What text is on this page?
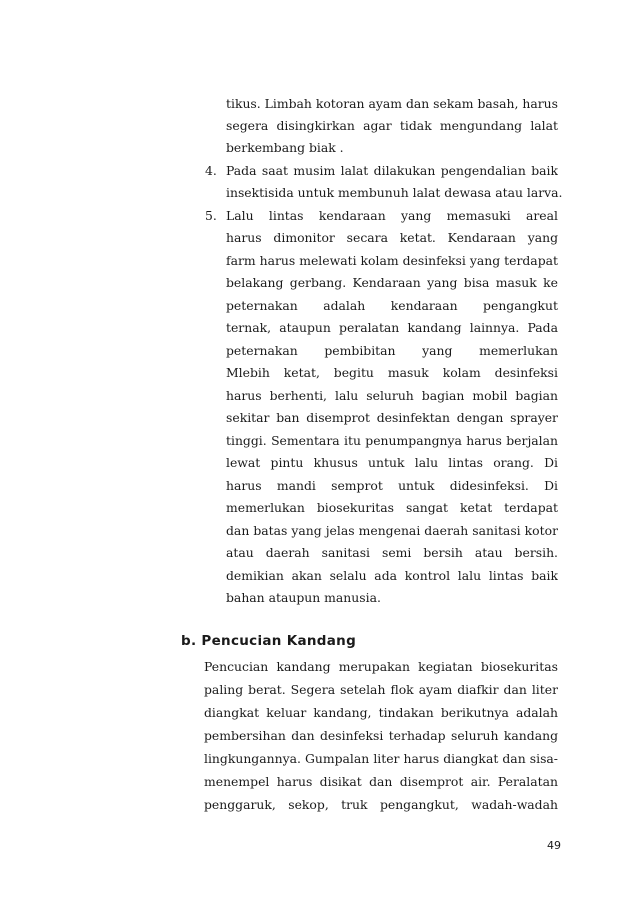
tikus. Limbah kotoran ayam dan sekam basah, harus
segera disingkirkan agar tidak mengundang lalat
berkembang biak .
4. Pada saat musim lalat dilakukan pengendalian baik
insektisida untuk membunuh lalat dewasa atau larva.
5. Lalu lintas kendaraan yang memasuki areal
harus dimonitor secara ketat. Kendaraan yang
farm harus melewati kolam desinfeksi yang terdapat
belakang gerbang. Kendaraan yang bisa masuk ke
peternakan adalah kendaraan pengangkut
ternak, ataupun peralatan kandang lainnya. Pada
peternakan pembibitan yang memerlukan
Mlebih ketat, begitu masuk kolam desinfeksi
harus berhenti, lalu seluruh bagian mobil bagian
sekitar ban disemprot desinfektan dengan sprayer
tinggi. Sementara itu penumpangnya harus berjalan
lewat pintu khusus untuk lalu lintas orang. Di
harus mandi semprot untuk didesinfeksi. Di
memerlukan biosekuritas sangat ketat terdapat
dan batas yang jelas mengenai daerah sanitasi kotor
atau daerah sanitasi semi bersih atau bersih.
demikian akan selalu ada kontrol lalu lintas baik
bahan ataupun manusia.
b. Pencucian Kandang
Pencucian kandang merupakan kegiatan biosekuritas
paling berat. Segera setelah flok ayam diafkir dan liter
diangkat keluar kandang, tindakan berikutnya adalah
pembersihan dan desinfeksi terhadap seluruh kandang
lingkungannya. Gumpalan liter harus diangkat dan sisa-
menempel harus disikat dan disemprot air. Peralatan
penggaruk, sekop, truk pengangkut, wadah-wadah
49
